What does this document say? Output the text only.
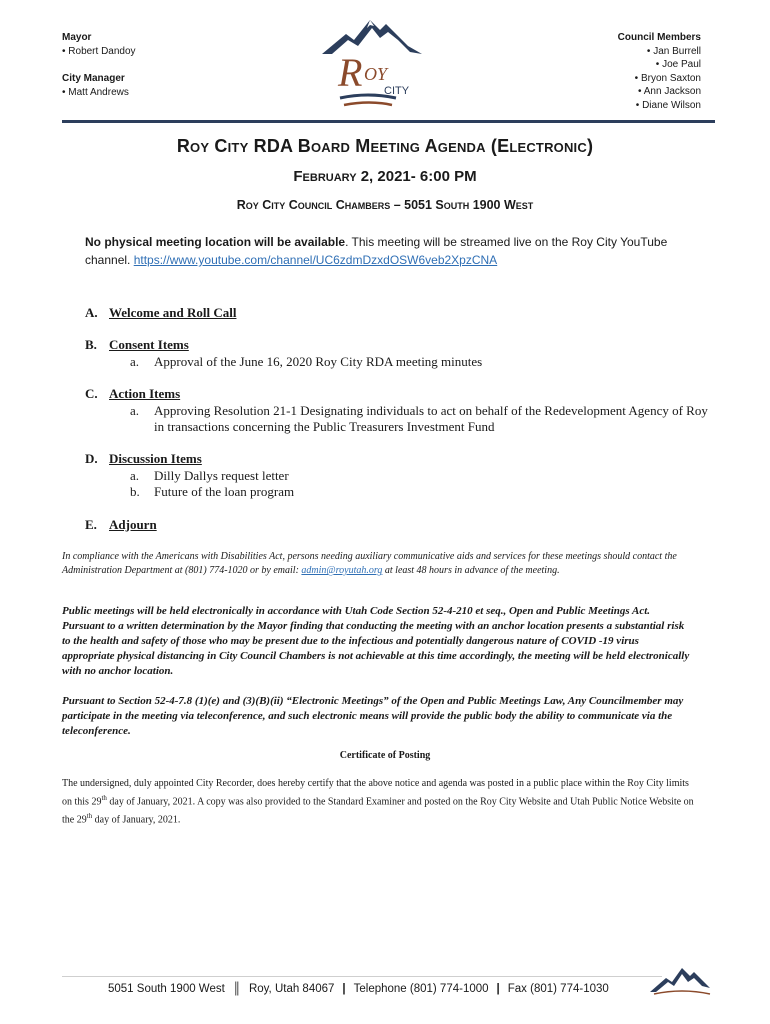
Mayor
• Robert Dandoy
City Manager
• Matt Andrews	R OY
CITY
Council Members
• Jan Burrell
• Joe Paul
• Bryon Saxton
• Ann Jackson
• Diane Wilson
Roy City RDA Board Meeting Agenda (Electronic)
February 2, 2021- 6:00 PM
Roy City Council Chambers – 5051 South 1900 West
No physical meeting location will be available. This meeting will be streamed live on the Roy City YouTube channel. https://www.youtube.com/channel/UC6zdmDzxdOSW6veb2XpzCNA
A. Welcome and Roll Call
B. Consent Items
a. Approval of the June 16, 2020 Roy City RDA meeting minutes
C. Action Items
a. Approving Resolution 21-1 Designating individuals to act on behalf of the Redevelopment Agency of Roy in transactions concerning the Public Treasurers Investment Fund
D. Discussion Items
a. Dilly Dallys request letter
b. Future of the loan program
E. Adjourn
In compliance with the Americans with Disabilities Act, persons needing auxiliary communicative aids and services for these meetings should contact the Administration Department at (801) 774-1020 or by email: admin@royutah.org at least 48 hours in advance of the meeting.
Public meetings will be held electronically in accordance with Utah Code Section 52-4-210 et seq., Open and Public Meetings Act. Pursuant to a written determination by the Mayor finding that conducting the meeting with an anchor location presents a substantial risk to the health and safety of those who may be present due to the infectious and potentially dangerous nature of COVID -19 virus appropriate physical distancing in City Council Chambers is not achievable at this time accordingly, the meeting will be held electronically with no anchor location.
Pursuant to Section 52-4-7.8 (1)(e) and (3)(B)(ii) “Electronic Meetings” of the Open and Public Meetings Law, Any Councilmember may participate in the meeting via teleconference, and such electronic means will provide the public body the ability to communicate via the teleconference.
Certificate of Posting
The undersigned, duly appointed City Recorder, does hereby certify that the above notice and agenda was posted in a public place within the Roy City limits on this 29th day of January, 2021. A copy was also provided to the Standard Examiner and posted on the Roy City Website and Utah Public Notice Website on the 29th day of January, 2021.
5051 South 1900 West ║ Roy, Utah 84067 | Telephone (801) 774-1000 | Fax (801) 774-1030
